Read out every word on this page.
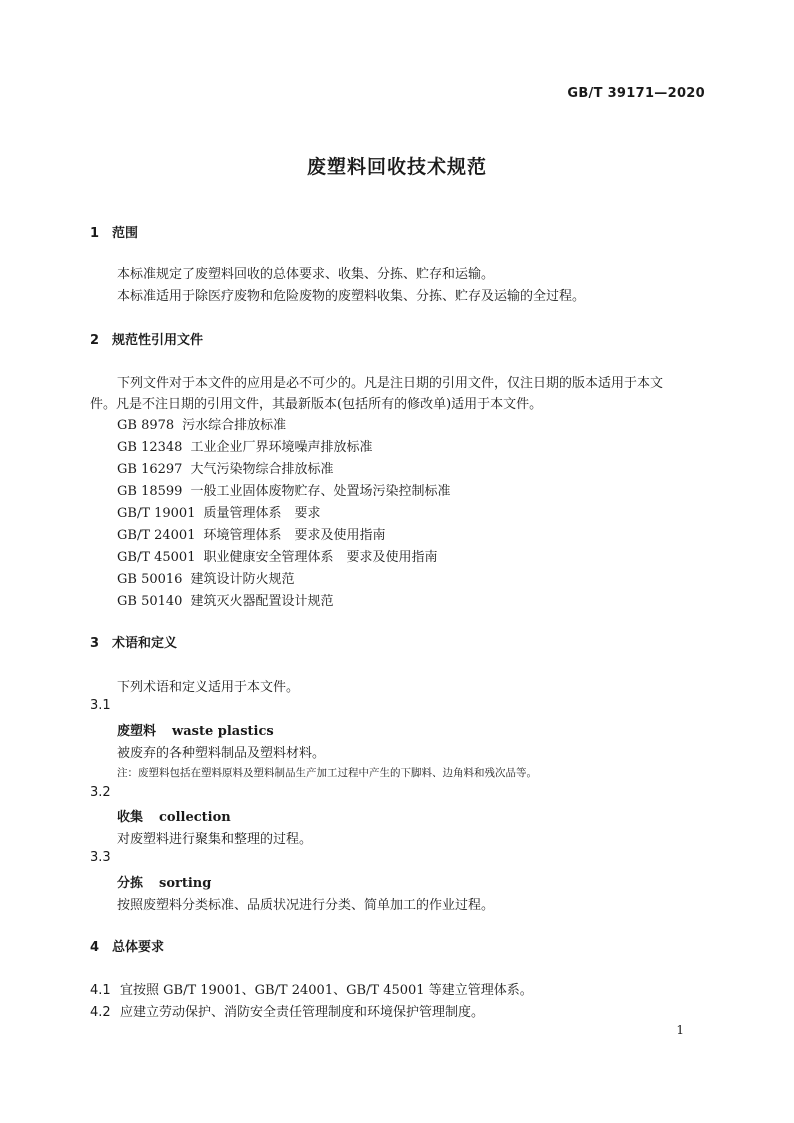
GB/T 39171—2020
废塑料回收技术规范
1 范围
本标准规定了废塑料回收的总体要求、收集、分拣、贮存和运输。
本标准适用于除医疗废物和危险废物的废塑料收集、分拣、贮存及运输的全过程。
2 规范性引用文件
下列文件对于本文件的应用是必不可少的。凡是注日期的引用文件，仅注日期的版本适用于本文
件。凡是不注日期的引用文件，其最新版本(包括所有的修改单)适用于本文件。
GB 8978 污水综合排放标准
GB 12348 工业企业厂界环境噪声排放标准
GB 16297 大气污染物综合排放标准
GB 18599 一般工业固体废物贮存、处置场污染控制标准
GB/T 19001 质量管理体系　要求
GB/T 24001 环境管理体系　要求及使用指南
GB/T 45001 职业健康安全管理体系　要求及使用指南
GB 50016 建筑设计防火规范
GB 50140 建筑灭火器配置设计规范
3 术语和定义
下列术语和定义适用于本文件。
3.1
废塑料 waste plastics
被废弃的各种塑料制品及塑料材料。
注：废塑料包括在塑料原料及塑料制品生产加工过程中产生的下脚料、边角料和残次品等。
3.2
收集 collection
对废塑料进行聚集和整理的过程。
3.3
分拣 sorting
按照废塑料分类标准、品质状况进行分类、简单加工的作业过程。
4 总体要求
4.1 宜按照 GB/T 19001、GB/T 24001、GB/T 45001 等建立管理体系。
4.2 应建立劳动保护、消防安全责任管理制度和环境保护管理制度。
1
